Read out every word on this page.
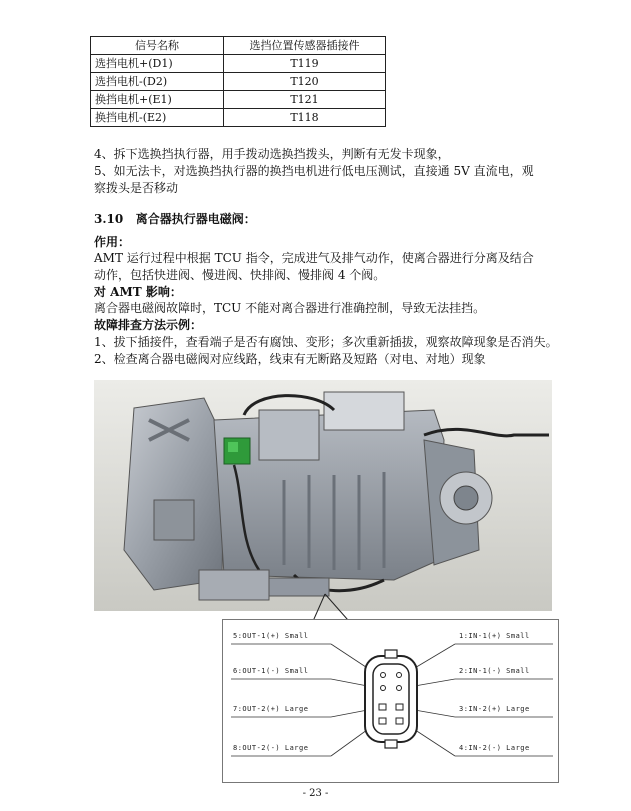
信号名称	选挡位置传感器插接件
选挡电机+(D1)	T119
选挡电机-(D2)	T120
换挡电机+(E1)	T121
换挡电机-(E2)	T118
4、拆下选换挡执行器，用手拨动选换挡拨头，判断有无发卡现象，
5、如无法卡，对选换挡执行器的换挡电机进行低电压测试，直接通 5V 直流电，观察拨头是否移动
3.10 离合器执行器电磁阀：
作用：
AMT 运行过程中根据 TCU 指令，完成进气及排气动作，使离合器进行分离及结合动作，包括快进阀、慢进阀、快排阀、慢排阀 4 个阀。
对 AMT 影响：
离合器电磁阀故障时，TCU 不能对离合器进行准确控制，导致无法挂挡。
故障排查方法示例：
1、拔下插接件，查看端子是否有腐蚀、变形；多次重新插拔，观察故障现象是否消失。
2、检查离合器电磁阀对应线路，线束有无断路及短路（对电、对地）现象
5:OUT-1(+) Small
6:OUT-1(-) Small
7:OUT-2(+) Large
8:OUT-2(-) Large
1:IN-1(+) Small
2:IN-1(-) Small
3:IN-2(+) Large
4:IN-2(-) Large
- 23 -
